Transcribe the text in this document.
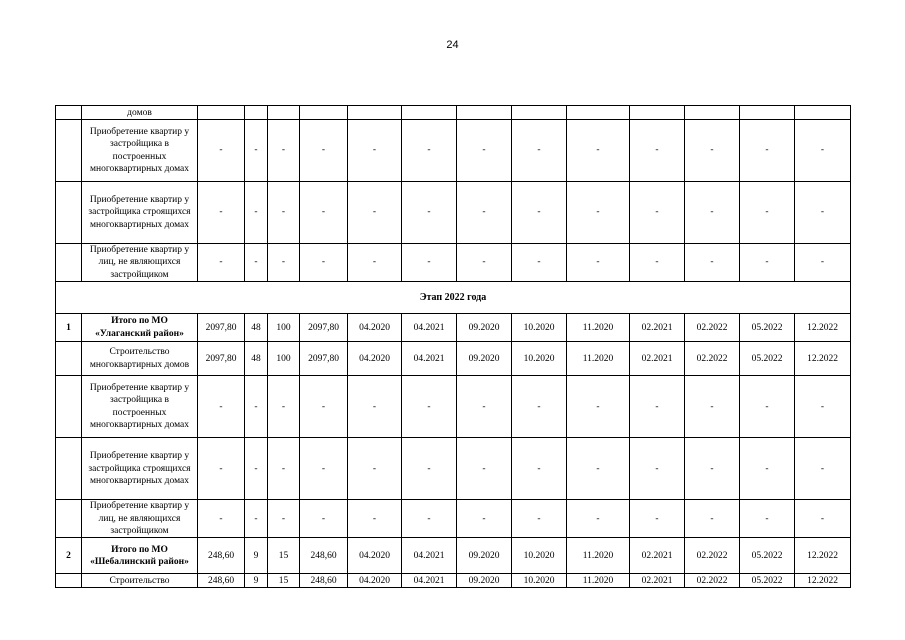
24
	домов													
	Приобретение квартир у застройщика в построенных многоквартирных домах	-	-	-	-	-	-	-	-	-	-	-	-	-
	Приобретение квартир у застройщика строящихся многоквартирных домах	-	-	-	-	-	-	-	-	-	-	-	-	-
	Приобретение квартир у лиц, не являющихся застройщиком	-	-	-	-	-	-	-	-	-	-	-	-	-
Этап 2022 года														
1	Итого по МО «Улаганский район»	2097,80	48	100	2097,80	04.2020	04.2021	09.2020	10.2020	11.2020	02.2021	02.2022	05.2022	12.2022
	Строительство многоквартирных домов	2097,80	48	100	2097,80	04.2020	04.2021	09.2020	10.2020	11.2020	02.2021	02.2022	05.2022	12.2022
	Приобретение квартир у застройщика в построенных многоквартирных домах	-	-	-	-	-	-	-	-	-	-	-	-	-
	Приобретение квартир у застройщика строящихся многоквартирных домах	-	-	-	-	-	-	-	-	-	-	-	-	-
	Приобретение квартир у лиц, не являющихся застройщиком	-	-	-	-	-	-	-	-	-	-	-	-	-
2	Итого по МО «Шебалинский район»	248,60	9	15	248,60	04.2020	04.2021	09.2020	10.2020	11.2020	02.2021	02.2022	05.2022	12.2022
	Строительство	248,60	9	15	248,60	04.2020	04.2021	09.2020	10.2020	11.2020	02.2021	02.2022	05.2022	12.2022
